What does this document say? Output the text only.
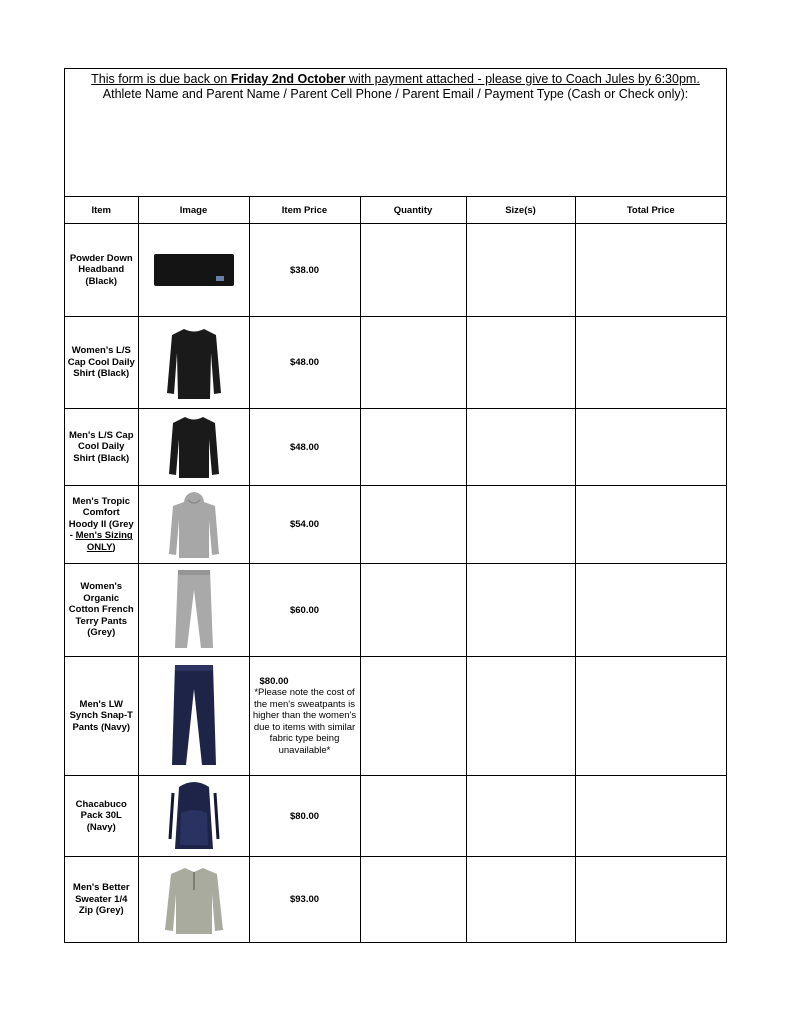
This form is due back on Friday 2nd October with payment attached - please give to Coach Jules by 6:30pm.
Athlete Name and Parent Name / Parent Cell Phone / Parent Email / Payment Type (Cash or Check only):
Item	Image	Item Price	Quantity	Size(s)	Total Price
Powder Down Headband (Black)		$38.00			
Women's L/S Cap Cool Daily Shirt (Black)		$48.00			
Men's L/S Cap Cool Daily Shirt (Black)		$48.00			
Men's Tropic Comfort Hoody II (Grey - Men's Sizing ONLY)		$54.00			
Women's Organic Cotton French Terry Pants (Grey)		$60.00			
Men's LW Synch Snap-T Pants (Navy)		$80.00
*Please note the cost of the men's sweatpants is higher than the women's due to items with similar fabric type being unavailable*			

Chacabuco Pack 30L (Navy)		$80.00			
Men's Better Sweater 1/4 Zip (Grey)		$93.00			
